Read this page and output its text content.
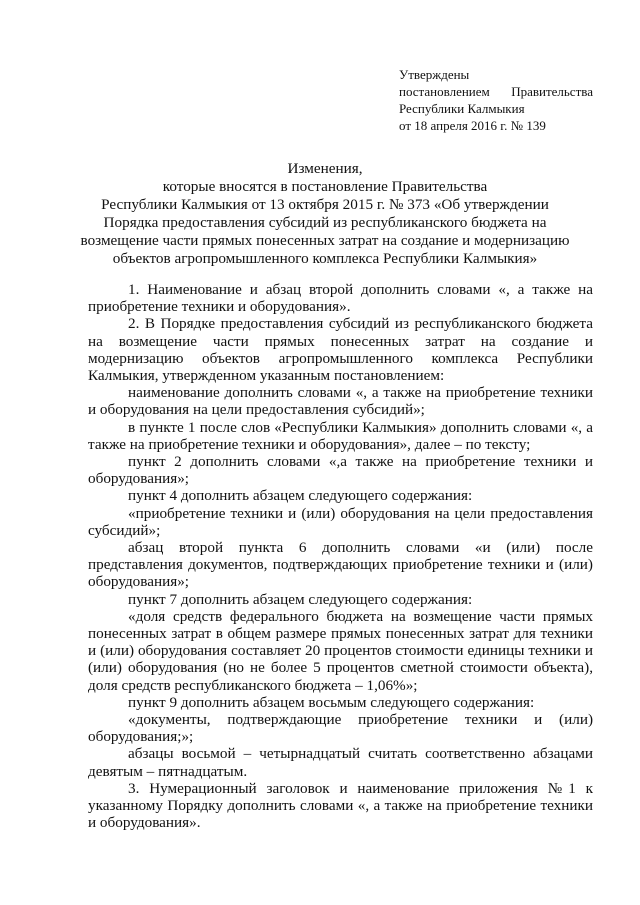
Утверждены
постановлением Правительства
Республики Калмыкия
от 18 апреля 2016 г. № 139
Изменения,
которые вносятся в постановление Правительства
Республики Калмыкия от 13 октября 2015 г. № 373 «Об утверждении
Порядка предоставления субсидий из республиканского бюджета на
возмещение части прямых понесенных затрат на создание и модернизацию
объектов агропромышленного комплекса Республики Калмыкия»

1. Наименование и абзац второй дополнить словами «, а также на приобретение техники и оборудования».

2. В Порядке предоставления субсидий из республиканского бюджета на возмещение части прямых понесенных затрат на создание и модернизацию объектов агропромышленного комплекса Республики Калмыкия, утвержденном указанным постановлением:

наименование дополнить словами «, а также на приобретение техники и оборудования на цели предоставления субсидий»;

в пункте 1 после слов «Республики Калмыкия» дополнить словами «, а также на приобретение техники и оборудования», далее – по тексту;

пункт 2 дополнить словами «,а также на приобретение техники и оборудования»;

пункт 4 дополнить абзацем следующего содержания:

«приобретение техники и (или) оборудования на цели предоставления субсидий»;

абзац второй пункта 6 дополнить словами «и (или) после представления документов, подтверждающих приобретение техники и (или) оборудования»;

пункт 7 дополнить абзацем следующего содержания:

«доля средств федерального бюджета на возмещение части прямых понесенных затрат в общем размере прямых понесенных затрат для техники и (или) оборудования составляет 20 процентов стоимости единицы техники и (или) оборудования (но не более 5 процентов сметной стоимости объекта), доля средств республиканского бюджета – 1,06%»;

пункт 9 дополнить абзацем восьмым следующего содержания:

«документы, подтверждающие приобретение техники и (или) оборудования;»;

абзацы восьмой – четырнадцатый считать соответственно абзацами девятым – пятнадцатым.

3. Нумерационный заголовок и наименование приложения №1 к указанному Порядку дополнить словами «, а также на приобретение техники и оборудования».
